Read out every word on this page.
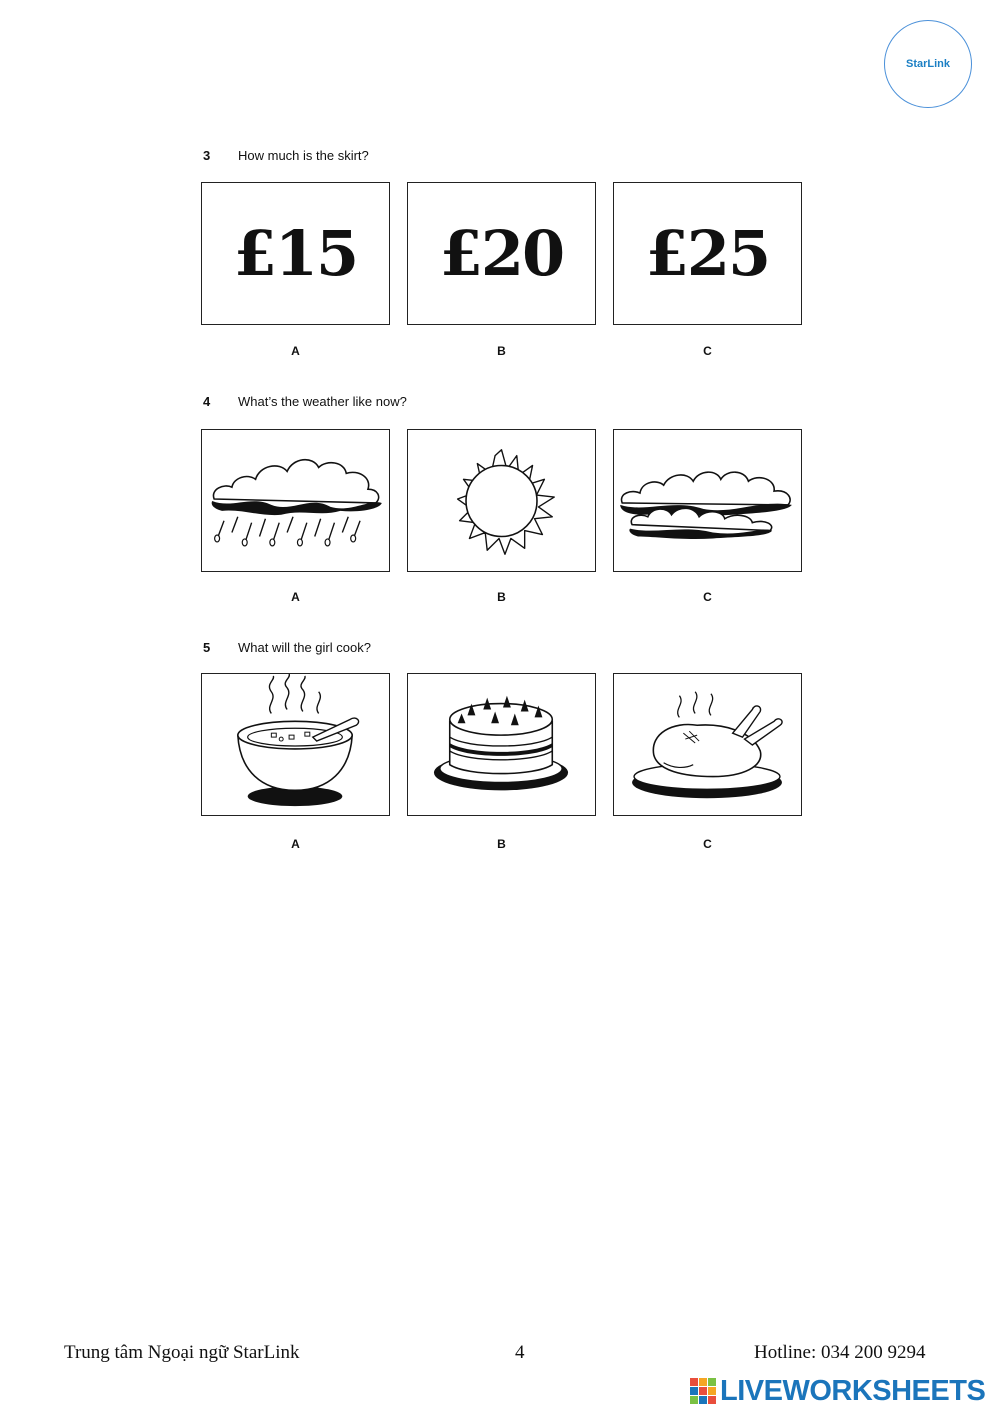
StarLink
3 How much is the skirt?
£15	£20	£25
A	B	C
4 What’s the weather like now?
A	B	C
5 What will the girl cook?
A	B	C
Trung tâm Ngoại ngữ StarLink	4	Hotline: 034 200 9294
LIVEWORKSHEETS
